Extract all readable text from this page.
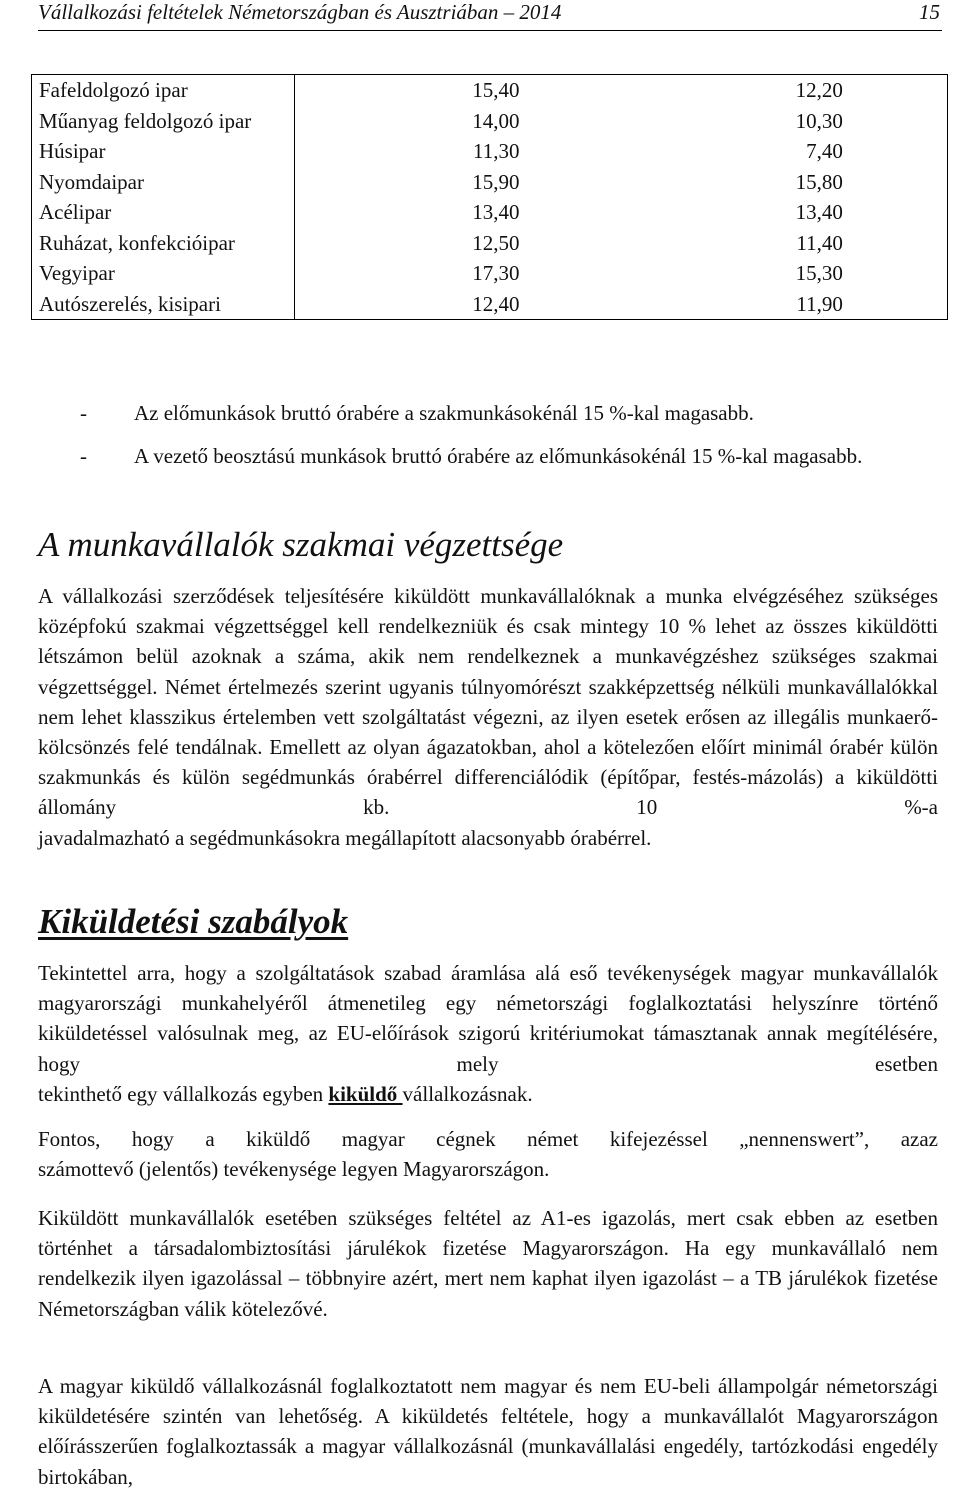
Vállalkozási feltételek Németországban és Ausztriában – 2014	15
Fafeldolgozó ipar	15,40	12,20	
Műanyag feldolgozó ipar	14,00	10,30	
Húsipar	11,30	7,40	
Nyomdaipar	15,90	15,80	
Acélipar	13,40	13,40	
Ruházat, konfekcióipar	12,50	11,40	
Vegyipar	17,30	15,30	
Autószerelés, kisipari	12,40	11,90	
- Az előmunkások bruttó órabére a szakmunkásokénál 15 %-kal magasabb.
- A vezető beosztású munkások bruttó órabére az előmunkásokénál 15 %-kal magasabb.
A munkavállalók szakmai végzettsége

A vállalkozási szerződések teljesítésére kiküldött munkavállalóknak a munka elvégzéséhez szükséges középfokú szakmai végzettséggel kell rendelkezniük és csak mintegy 10 % lehet az összes kiküldötti létszámon belül azoknak a száma, akik nem rendelkeznek a munkavégzéshez szükséges szakmai végzettséggel. Német értelmezés szerint ugyanis túlnyomórészt szakképzettség nélküli munkavállalókkal nem lehet klasszikus értelemben vett szolgáltatást végezni, az ilyen esetek erősen az illegális munkaerő-kölcsönzés felé tendálnak. Emellett az olyan ágazatokban, ahol a kötelezően előírt minimál órabér külön szakmunkás és külön segédmunkás órabérrel differenciálódik (építőpar, festés-mázolás) a kiküldötti állomány kb. 10 %-a
javadalmazható a segédmunkásokra megállapított alacsonyabb órabérrel.

Kiküldetési szabályok

Tekintettel arra, hogy a szolgáltatások szabad áramlása alá eső tevékenységek magyar munkavállalók magyarországi munkahelyéről átmenetileg egy németországi foglalkoztatási helyszínre történő kiküldetéssel valósulnak meg, az EU-előírások szigorú kritériumokat támasztanak annak megítélésére, hogy mely esetben
tekinthető egy vállalkozás egyben kiküldő vállalkozásnak.

Fontos, hogy a kiküldő magyar cégnek német kifejezéssel „nennenswert”, azaz
számottevő (jelentős) tevékenysége legyen Magyarországon.

Kiküldött munkavállalók esetében szükséges feltétel az A1-es igazolás, mert csak ebben az esetben történhet a társadalombiztosítási járulékok fizetése Magyarországon. Ha egy munkavállaló nem rendelkezik ilyen igazolással – többnyire azért, mert nem kaphat ilyen igazolást – a TB járulékok fizetése
Németországban válik kötelezővé.

A magyar kiküldő vállalkozásnál foglalkoztatott nem magyar és nem EU-beli állampolgár németországi kiküldetésére szintén van lehetőség. A kiküldetés feltétele, hogy a munkavállalót Magyarországon előírásszerűen foglalkoztassák a magyar vállalkozásnál (munkavállalási engedély, tartózkodási engedély birtokában,
